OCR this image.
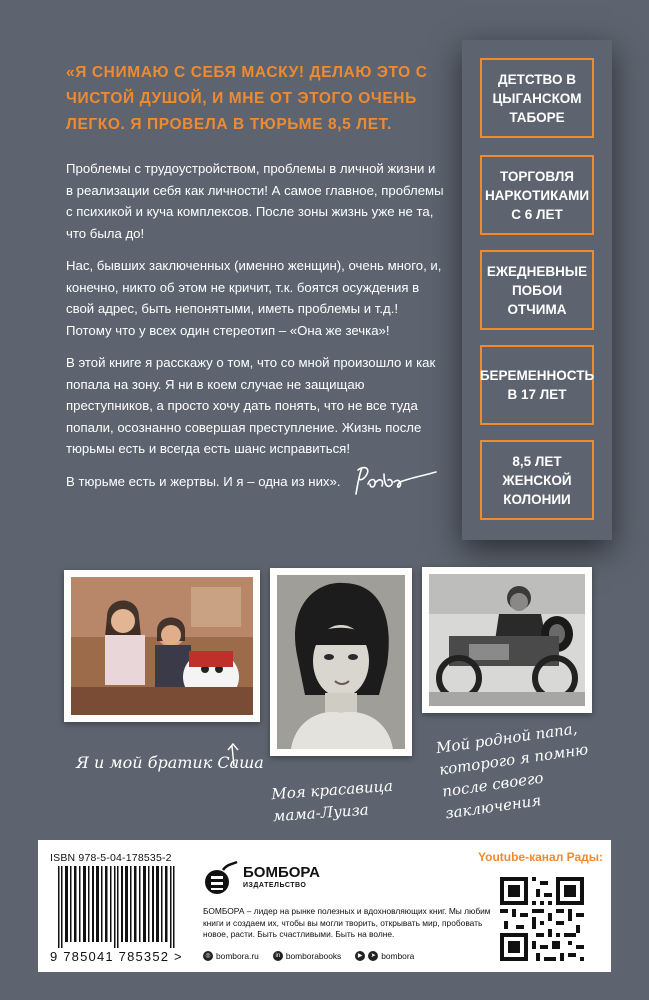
«Я СНИМАЮ С СЕБЯ МАСКУ! ДЕЛАЮ ЭТО С ЧИСТОЙ ДУШОЙ, И МНЕ ОТ ЭТОГО ОЧЕНЬ ЛЕГКО. Я ПРОВЕЛА В ТЮРЬМЕ 8,5 ЛЕТ.

Проблемы с трудоустройством, проблемы в личной жизни и в реализации себя как личности! А самое главное, проблемы с психикой и куча комплексов. После зоны жизнь уже не та, что была до!

Нас, бывших заключенных (именно женщин), очень много, и, конечно, никто об этом не кричит, т.к. боятся осуждения в свой адрес, быть непонятыми, иметь проблемы и т.д.! Потому что у всех один стереотип – «Она же зечка»!

В этой книге я расскажу о том, что со мной произошло и как попала на зону. Я ни в коем случае не защищаю преступников, а просто хочу дать понять, что не все туда попали, осознанно совершая преступление. Жизнь после тюрьмы есть и всегда есть шанс исправиться!

В тюрьме есть и жертвы. И я – одна из них».

ДЕТСТВО В ЦЫГАНСКОМ ТАБОРЕ
ТОРГОВЛЯ НАРКОТИКАМИ С 6 ЛЕТ
ЕЖЕДНЕВНЫЕ ПОБОИ ОТЧИМА
БЕРЕМЕННОСТЬ В 17 ЛЕТ
8,5 ЛЕТ ЖЕНСКОЙ КОЛОНИИ
Я и мой братик Саша
Моя красавица мама-Луиза
Мой родной папа, которого я помню после своего заключения
ISBN 978-5-04-178535-2
9 785041 785352 >
БОМБОРА
ИЗДАТЕЛЬСТВО
БОМБОРА – лидер на рынке полезных и вдохновляющих книг. Мы любим книги и создаем их, чтобы вы могли творить, открывать мир, пробовать новое, расти. Быть счастливыми. Быть на волне.
◎ bombora.ru	in bomborabooks	▶	➤ bombora
Youtube-канал Рады:
